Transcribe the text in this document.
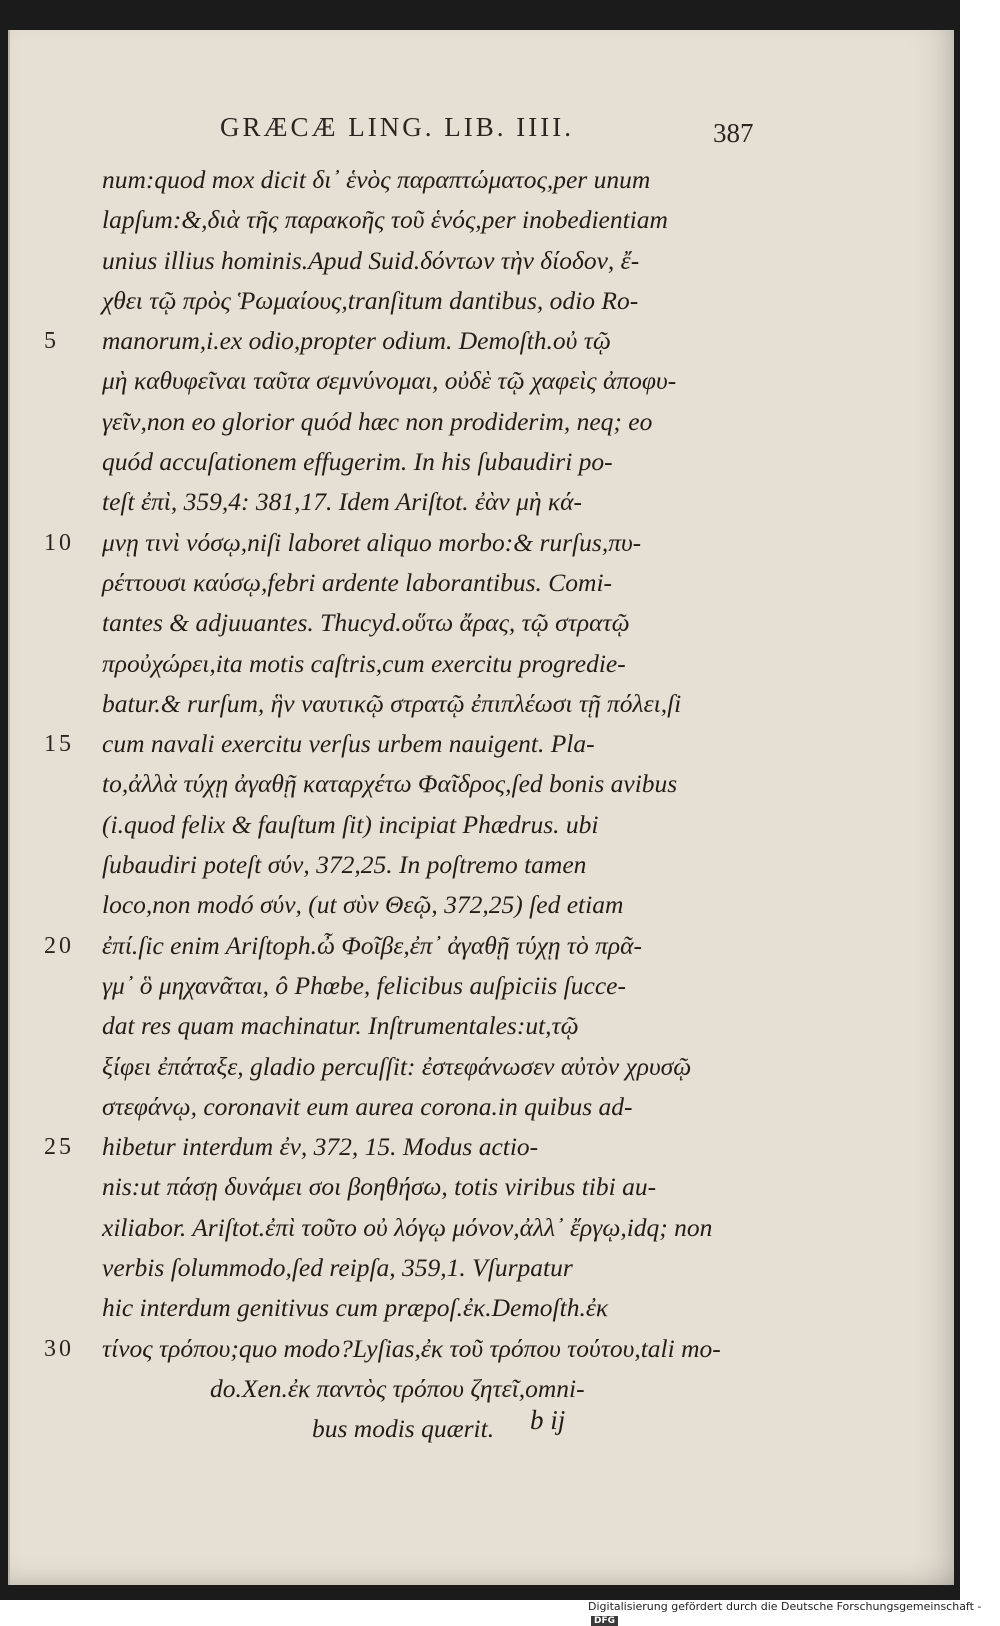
GRÆCÆ LING. LIB. IIII.	387
num:quod mox dicit δι᾽ ἑνὸς παραπτώματος,per unum
lapſum:&,διὰ τῆς παρακοῆς τοῦ ἑνός,per inobedientiam
unius illius hominis.Apud Suid.δόντων τὴν δίοδον, ἔ-
χθει τῷ πρὸς Ῥωμαίους,tranſitum dantibus, odio Ro-
5 manorum,i.ex odio,propter odium. Demoſth.οὐ τῷ
μὴ καθυφεῖναι ταῦτα σεμνύνομαι, οὐδὲ τῷ χαφεὶς ἀποφυ-
γεῖν,non eo glorior quód hæc non prodiderim, neq; eo
quód accuſationem effugerim. In his ſubaudiri po-
teſt ἐπὶ, 359,4: 381,17. Idem Ariſtot. ἐὰν μὴ κά-
10 μνῃ τινὶ νόσῳ,niſi laboret aliquo morbo:& rurſus,πυ-
ρέττουσι καύσῳ,febri ardente laborantibus. Comi-
tantes & adjuuantes. Thucyd.οὕτω ἄρας, τῷ στρατῷ
προὐχώρει,ita motis caſtris,cum exercitu progredie-
batur.& rurſum, ἣν ναυτικῷ στρατῷ ἐπιπλέωσι τῇ πόλει,ſi
15 cum navali exercitu verſus urbem nauigent. Pla-
to,ἀλλὰ τύχῃ ἀγαθῇ καταρχέτω Φαῖδρος,ſed bonis avibus
(i.quod felix & fauſtum ſit) incipiat Phædrus. ubi
ſubaudiri poteſt σύν, 372,25. In poſtremo tamen
loco,non modó σύν, (ut σὺν Θεῷ, 372,25) ſed etiam
20 ἐπί.ſic enim Ariſtoph.ὦ Φοῖβε,ἐπ᾽ ἀγαθῇ τύχῃ τὸ πρᾶ-
γμ᾽ ὃ μηχανᾶται, ô Phœbe, felicibus auſpiciis ſucce-
dat res quam machinatur. Inſtrumentales:ut,τῷ
ξίφει ἐπάταξε, gladio percuſſit: ἐστεφάνωσεν αὐτὸν χρυσῷ
στεφάνῳ, coronavit eum aurea corona.in quibus ad-
25 hibetur interdum ἐν, 372, 15. Modus actio-
nis:ut πάσῃ δυνάμει σοι βοηθήσω, totis viribus tibi au-
xiliabor. Ariſtot.ἐπὶ τοῦτο οὐ λόγῳ μόνον,ἀλλ᾽ ἔργῳ,idq; non
verbis ſolummodo,ſed reipſa, 359,1. Vſurpatur
hic interdum genitivus cum præpoſ.ἐκ.Demoſth.ἐκ
30 τίνος τρόπου;quo modo?Lyſias,ἐκ τοῦ τρόπου τούτου,tali mo-
do.Xen.ἐκ παντὸς τρόπου ζητεῖ,omni-
bus modis quærit.	b ij
Digitalisierung gefördert durch die Deutsche Forschungsgemeinschaft - DFG
